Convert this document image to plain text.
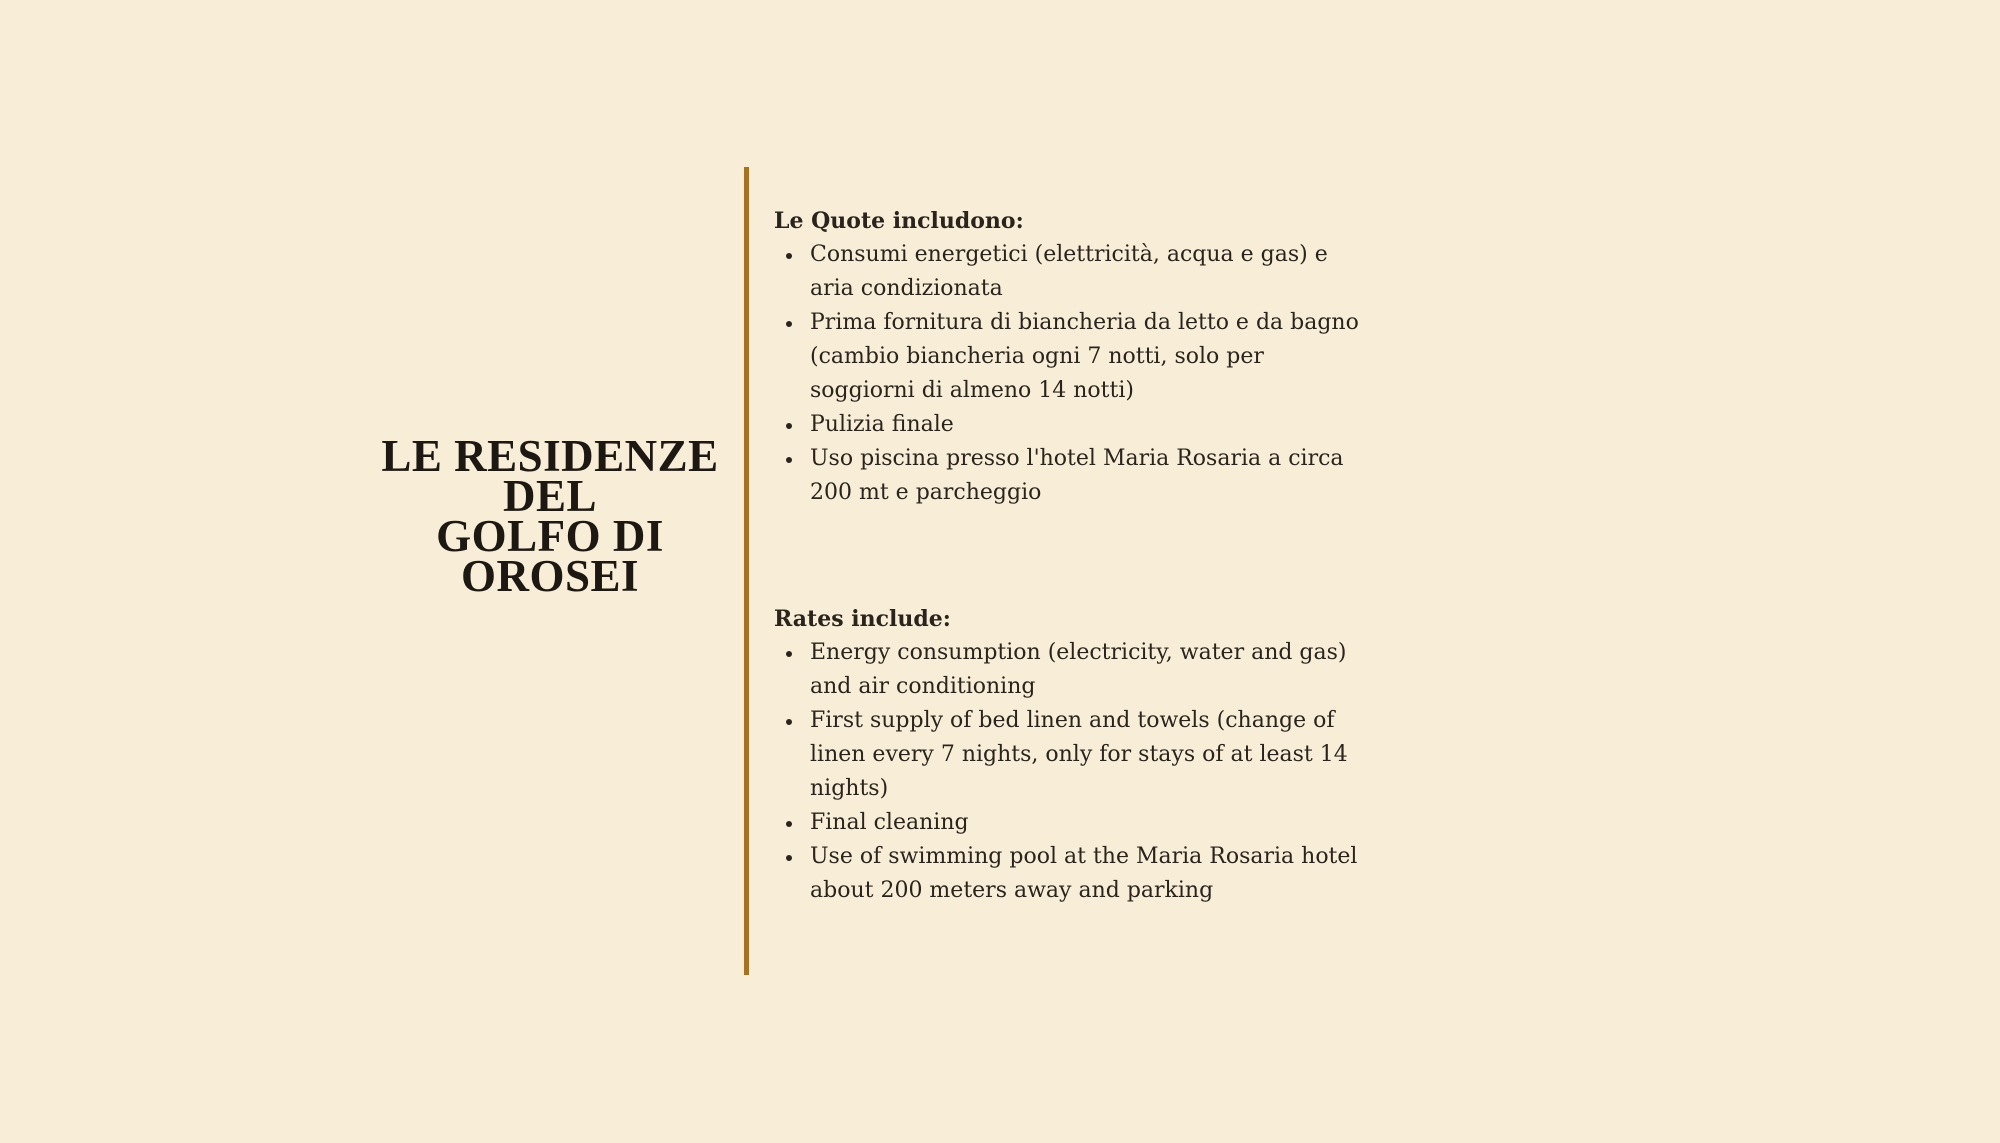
LE RESIDENZE
DEL
GOLFO DI
OROSEI

Le Quote includono:

Consumi energetici (elettricità, acqua e gas) e aria condizionata
Prima fornitura di biancheria da letto e da bagno (cambio biancheria ogni 7 notti, solo per soggiorni di almeno 14 notti)
Pulizia finale
Uso piscina presso l'hotel Maria Rosaria a circa 200 mt e parcheggio

Rates include:

Energy consumption (electricity, water and gas) and air conditioning
First supply of bed linen and towels (change of linen every 7 nights, only for stays of at least 14 nights)
Final cleaning
Use of swimming pool at the Maria Rosaria hotel about 200 meters away and parking
